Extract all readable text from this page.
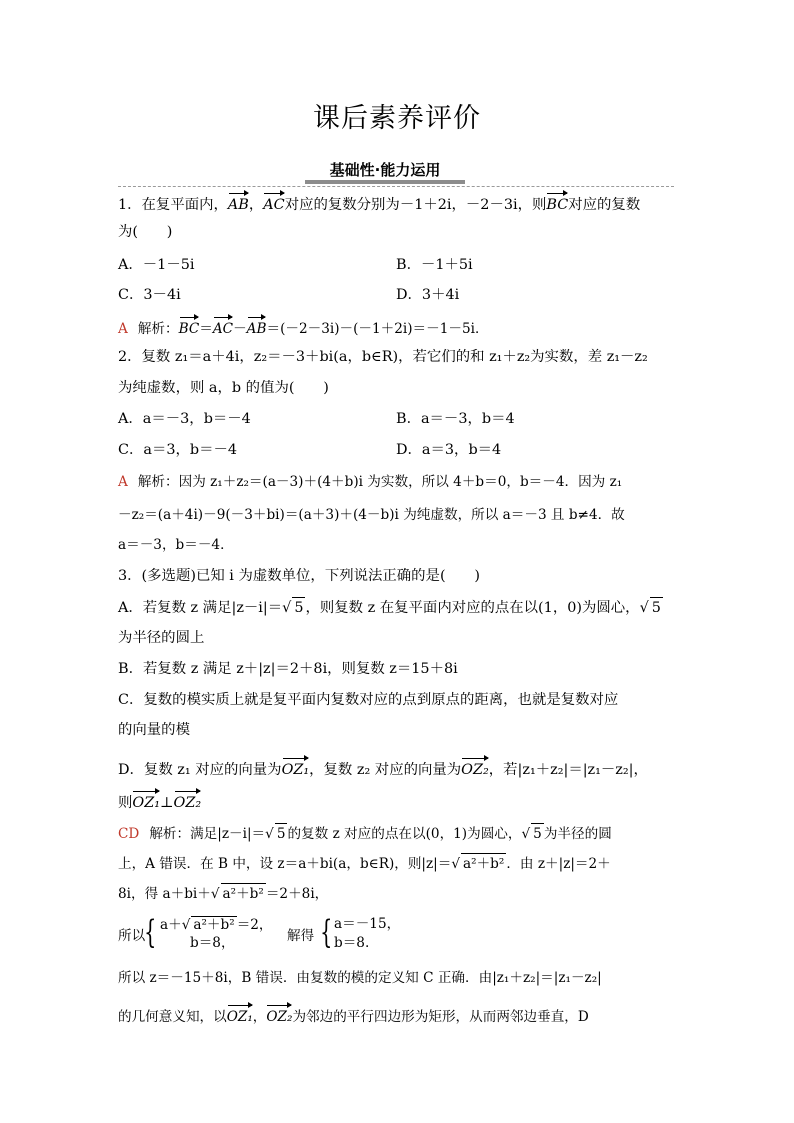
课后素养评价
基础性·能力运用
1．在复平面内，AB，AC对应的复数分别为－1＋2i，－2－3i，则BC对应的复数
为(　　)
A．－1－5i	B．－1＋5i
C．3－4i	D．3＋4i
A 解析：BC＝AC－AB＝(－2－3i)－(－1＋2i)＝－1－5i．
2．复数 z₁＝a＋4i，z₂＝－3＋bi(a，b∈R)，若它们的和 z₁＋z₂为实数，差 z₁－z₂
为纯虚数，则 a，b 的值为(　　)
A．a＝－3，b＝－4	B．a＝－3，b＝4
C．a＝3，b＝－4	D．a＝3，b＝4
A 解析：因为 z₁＋z₂＝(a－3)＋(4＋b)i 为实数，所以 4＋b＝0，b＝－4．因为 z₁
－z₂＝(a＋4i)－9(－3＋bi)＝(a＋3)＋(4－b)i 为纯虚数，所以 a＝－3 且 b≠4．故
a＝－3，b＝－4．
3．(多选题)已知 i 为虚数单位，下列说法正确的是(　　)
A．若复数 z 满足|z－i|＝√ 5 ，则复数 z 在复平面内对应的点在以(1，0)为圆心，√ 5
为半径的圆上
B．若复数 z 满足 z＋|z|＝2＋8i，则复数 z＝15＋8i
C．复数的模实质上就是复平面内复数对应的点到原点的距离，也就是复数对应
的向量的模
D．复数 z₁ 对应的向量为OZ₁，复数 z₂ 对应的向量为OZ₂，若|z₁＋z₂|＝|z₁－z₂|，
则OZ₁⊥OZ₂
CD 解析：满足|z－i|＝√ 5 的复数 z 对应的点在以(0，1)为圆心，√ 5 为半径的圆
上，A 错误．在 B 中，设 z＝a＋bi(a，b∈R)，则|z|＝√ a²＋b² ．由 z＋|z|＝2＋
8i，得 a＋bi＋√ a²＋b² ＝2＋8i，
所以
{ a＋√ a²＋b² ＝2，
b＝8，	解得 { a＝－15，
b＝8.
所以 z＝－15＋8i，B 错误．由复数的模的定义知 C 正确．由|z₁＋z₂|＝|z₁－z₂|
的几何意义知，以OZ₁，OZ₂为邻边的平行四边形为矩形，从而两邻边垂直，D
